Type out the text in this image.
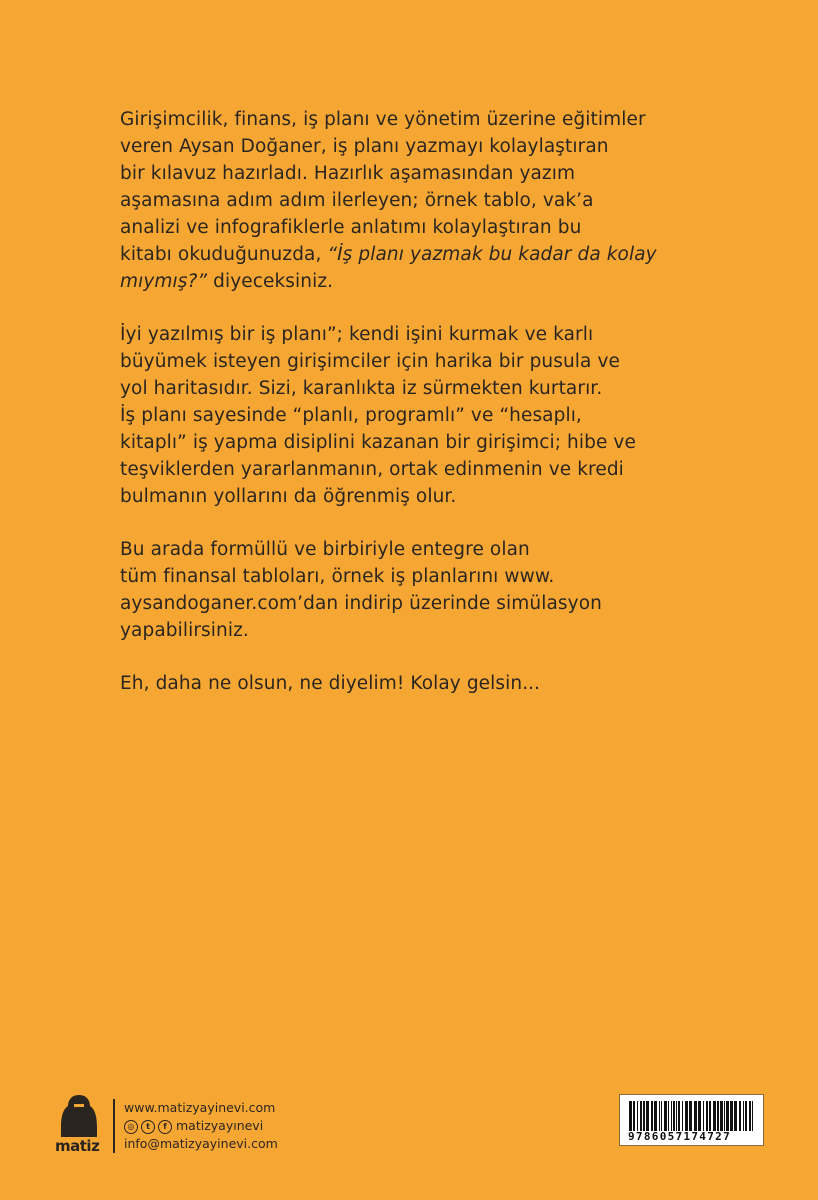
Girişimcilik, finans, iş planı ve yönetim üzerine eğitimler
veren Aysan Doğaner, iş planı yazmayı kolaylaştıran
bir kılavuz hazırladı. Hazırlık aşamasından yazım
aşamasına adım adım ilerleyen; örnek tablo, vak’a
analizi ve infografiklerle anlatımı kolaylaştıran bu
kitabı okuduğunuzda, “İş planı yazmak bu kadar da kolay
mıymış?” diyeceksiniz.
İyi yazılmış bir iş planı”; kendi işini kurmak ve karlı
büyümek isteyen girişimciler için harika bir pusula ve
yol haritasıdır. Sizi, karanlıkta iz sürmekten kurtarır.
İş planı sayesinde “planlı, programlı” ve “hesaplı,
kitaplı” iş yapma disiplini kazanan bir girişimci; hibe ve
teşviklerden yararlanmanın, ortak edinmenin ve kredi
bulmanın yollarını da öğrenmiş olur.
Bu arada formüllü ve birbiriyle entegre olan
tüm finansal tabloları, örnek iş planlarını www.
aysandoganer.com’dan indirip üzerinde simülasyon
yapabilirsiniz.
Eh, daha ne olsun, ne diyelim! Kolay gelsin...
matiz
www.matizyayinevi.com
◎	t	f matizyayınevi
info@matizyayinevi.com	9786057174727
